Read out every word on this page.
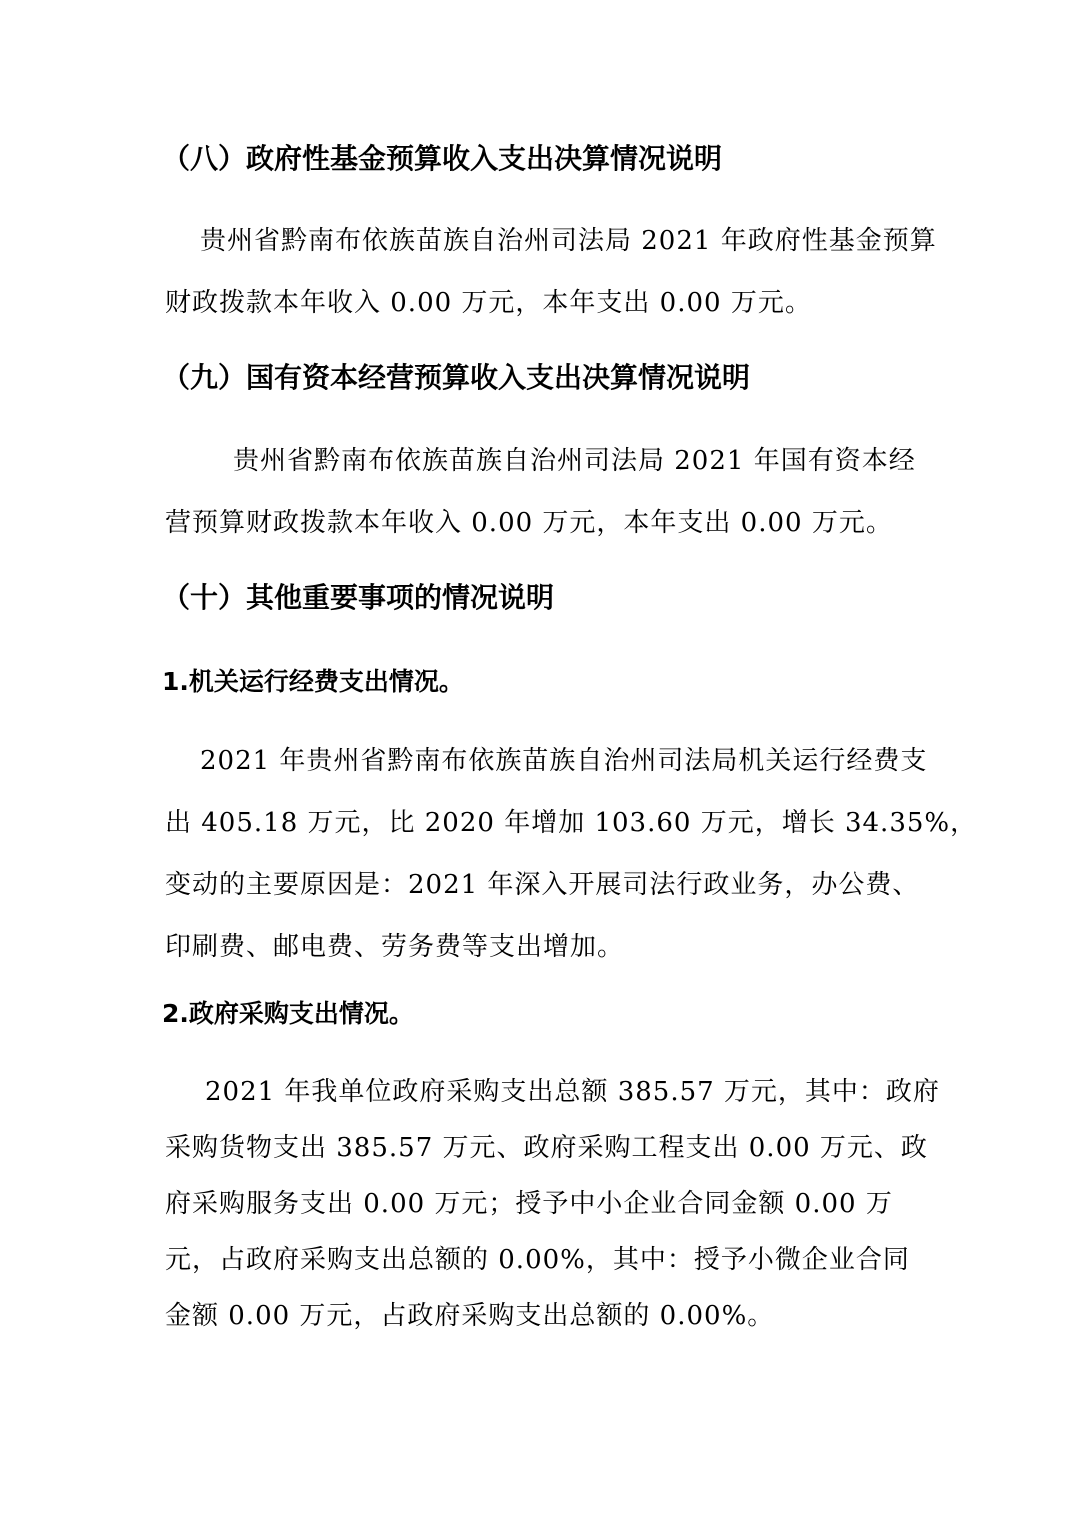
（八）政府性基金预算收入支出决算情况说明
贵州省黔南布依族苗族自治州司法局 2021 年政府性基金预算
财政拨款本年收入 0.00 万元，本年支出 0.00 万元。
（九）国有资本经营预算收入支出决算情况说明
贵州省黔南布依族苗族自治州司法局 2021 年国有资本经
营预算财政拨款本年收入 0.00 万元，本年支出 0.00 万元。
（十）其他重要事项的情况说明
1.机关运行经费支出情况。
2021 年贵州省黔南布依族苗族自治州司法局机关运行经费支
出 405.18 万元，比 2020 年增加 103.60 万元，增长 34.35%，
变动的主要原因是：2021 年深入开展司法行政业务，办公费、
印刷费、邮电费、劳务费等支出增加。
2.政府采购支出情况。
2021 年我单位政府采购支出总额 385.57 万元，其中：政府
采购货物支出 385.57 万元、政府采购工程支出 0.00 万元、政
府采购服务支出 0.00 万元；授予中小企业合同金额 0.00 万
元，占政府采购支出总额的 0.00%，其中：授予小微企业合同
金额 0.00 万元，占政府采购支出总额的 0.00%。
